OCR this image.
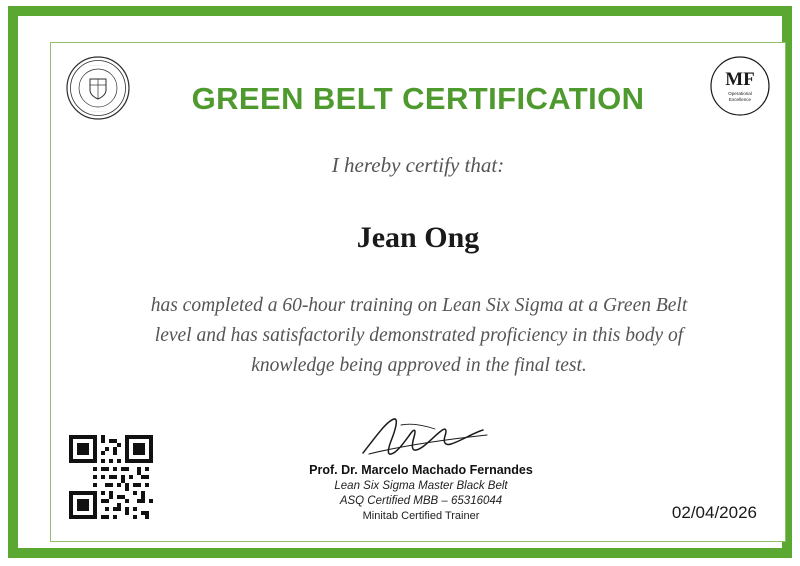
· · · · · · · · · ·
· · · · · · · ·
MF
Operational
Excellence
GREEN BELT CERTIFICATION
I hereby certify that:
Jean Ong
has completed a 60-hour training on Lean Six Sigma at a Green Belt level and has satisfactorily demonstrated proficiency in this body of knowledge being approved in the final test.
Prof. Dr. Marcelo Machado Fernandes
Lean Six Sigma Master Black Belt
ASQ Certified MBB – 65316044
Minitab Certified Trainer	02/04/2026
